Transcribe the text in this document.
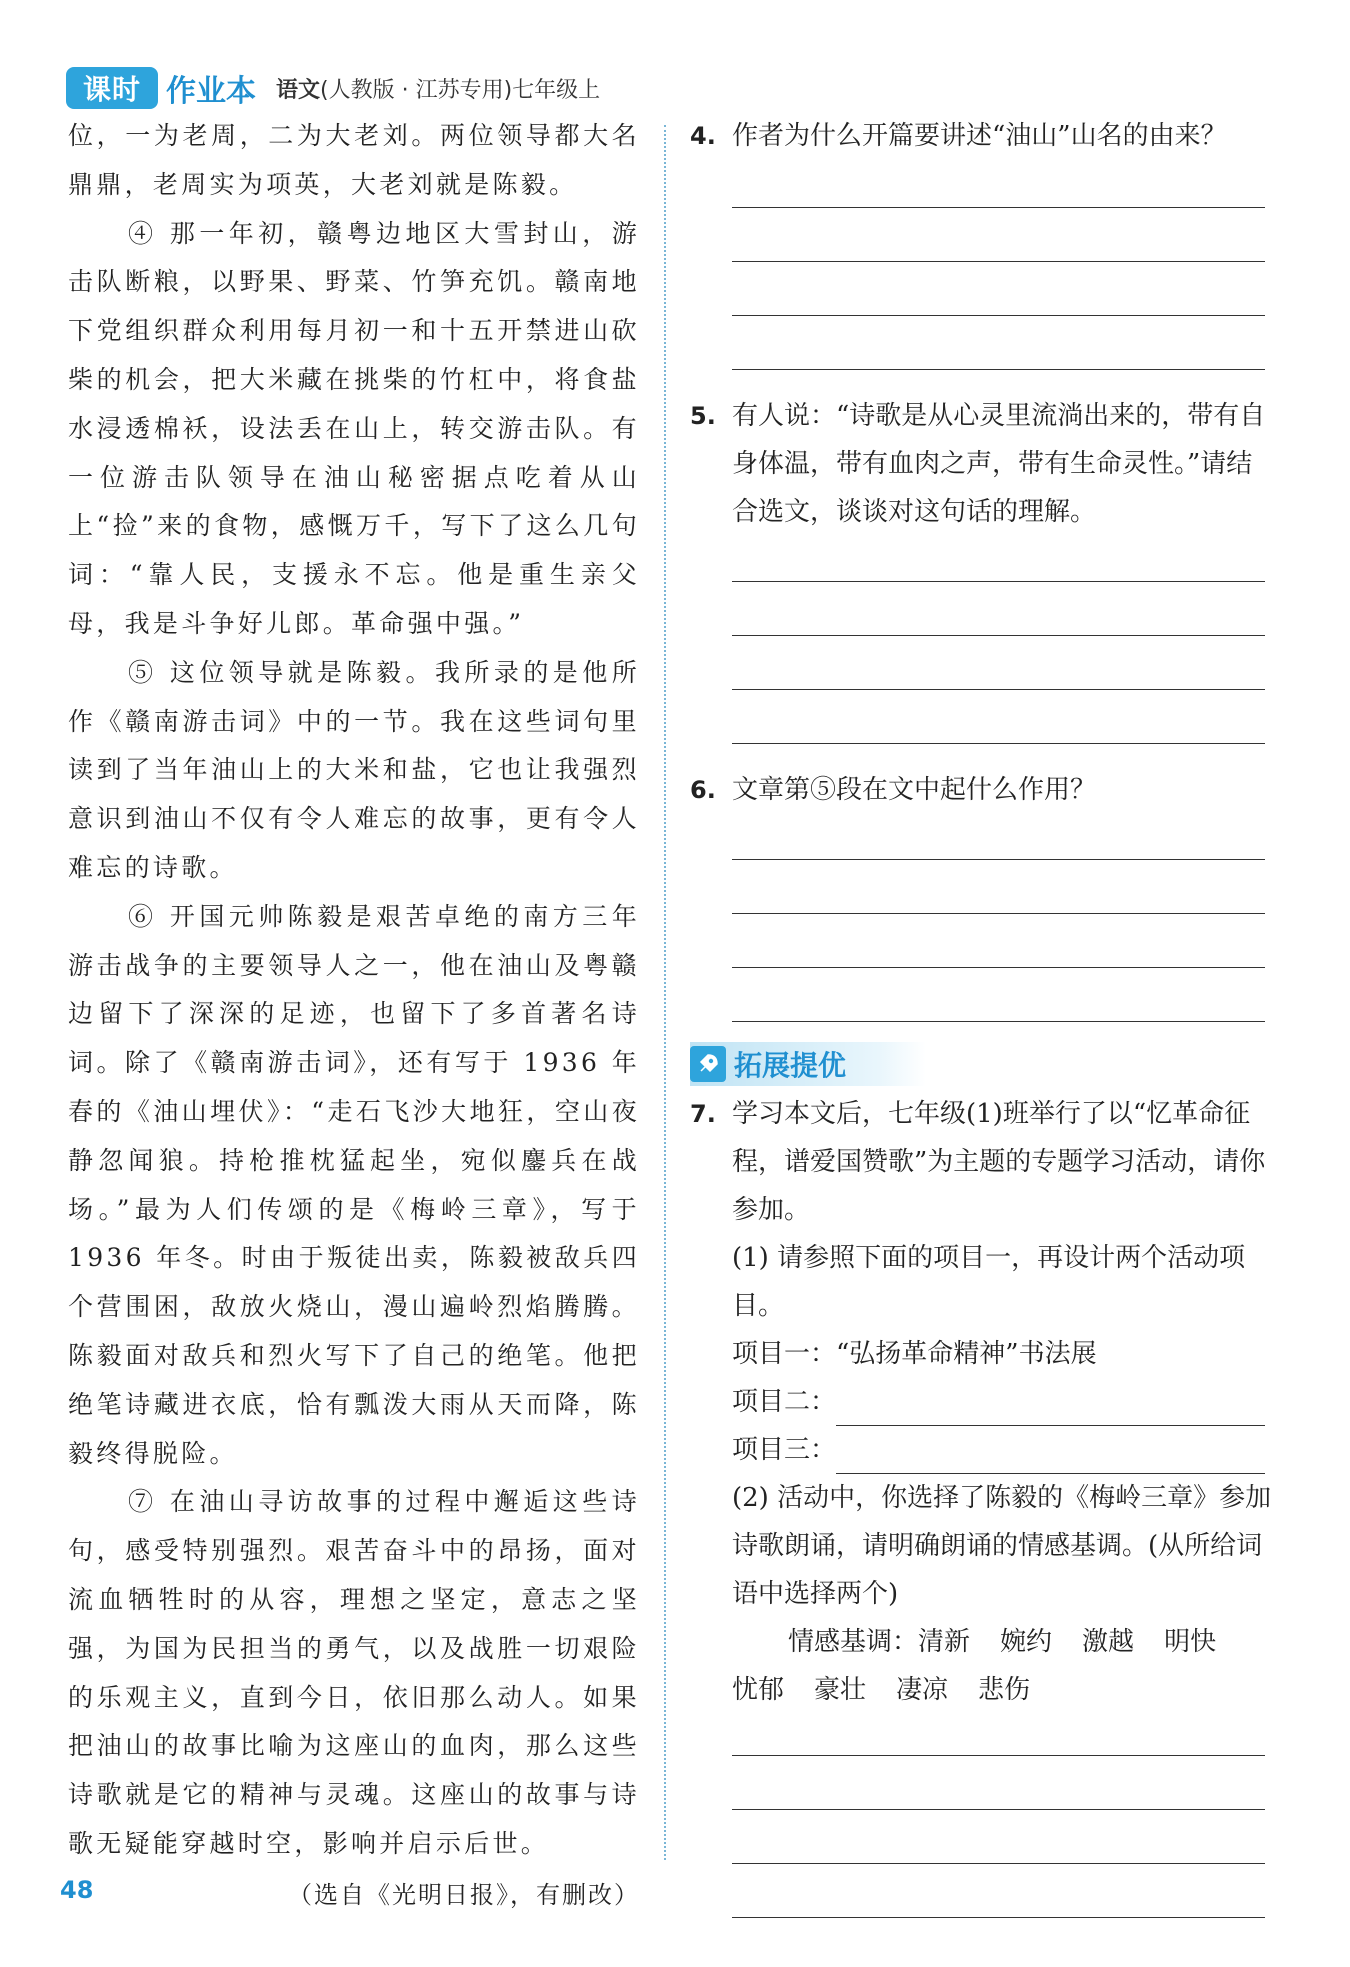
课时 作业本 语文(人教版 · 江苏专用)七年级上

位，一为老周，二为大老刘。两位领导都大名鼎鼎，老周实为项英，大老刘就是陈毅。

④ 那一年初，赣粤边地区大雪封山，游击队断粮，以野果、野菜、竹笋充饥。赣南地下党组织群众利用每月初一和十五开禁进山砍柴的机会，把大米藏在挑柴的竹杠中，将食盐水浸透棉袄，设法丢在山上，转交游击队。有一位游击队领导在油山秘密据点吃着从山上“捡”来的食物，感慨万千，写下了这么几句词：“靠人民，支援永不忘。他是重生亲父母，我是斗争好儿郎。革命强中强。”

⑤ 这位领导就是陈毅。我所录的是他所作《赣南游击词》中的一节。我在这些词句里读到了当年油山上的大米和盐，它也让我强烈意识到油山不仅有令人难忘的故事，更有令人难忘的诗歌。

⑥ 开国元帅陈毅是艰苦卓绝的南方三年游击战争的主要领导人之一，他在油山及粤赣边留下了深深的足迹，也留下了多首著名诗词。除了《赣南游击词》，还有写于 1936 年春的《油山埋伏》：“走石飞沙大地狂，空山夜静忽闻狼。持枪推枕猛起坐，宛似鏖兵在战场。”最为人们传颂的是《梅岭三章》，写于 1936 年冬。时由于叛徒出卖，陈毅被敌兵四个营围困，敌放火烧山，漫山遍岭烈焰腾腾。陈毅面对敌兵和烈火写下了自己的绝笔。他把绝笔诗藏进衣底，恰有瓢泼大雨从天而降，陈毅终得脱险。

⑦ 在油山寻访故事的过程中邂逅这些诗句，感受特别强烈。艰苦奋斗中的昂扬，面对流血牺牲时的从容，理想之坚定，意志之坚强，为国为民担当的勇气，以及战胜一切艰险的乐观主义，直到今日，依旧那么动人。如果把油山的故事比喻为这座山的血肉，那么这些诗歌就是它的精神与灵魂。这座山的故事与诗歌无疑能穿越时空，影响并启示后世。

（选自《光明日报》，有删改）
4. 作者为什么开篇要讲述“油山”山名的由来？
5. 有人说：“诗歌是从心灵里流淌出来的，带有自身体温，带有血肉之声，带有生命灵性。”请结合选文，谈谈对这句话的理解。
6. 文章第⑤段在文中起什么作用？
拓展提优
7. 学习本文后，七年级(1)班举行了以“忆革命征程，谱爱国赞歌”为主题的专题学习活动，请你参加。
(1) 请参照下面的项目一，再设计两个活动项目。
项目一：“弘扬革命精神”书法展
项目二：
项目三：
(2) 活动中，你选择了陈毅的《梅岭三章》参加诗歌朗诵，请明确朗诵的情感基调。(从所给词语中选择两个)
情感基调：清新 婉约 激越 明快
忧郁 豪壮 凄凉 悲伤
48
